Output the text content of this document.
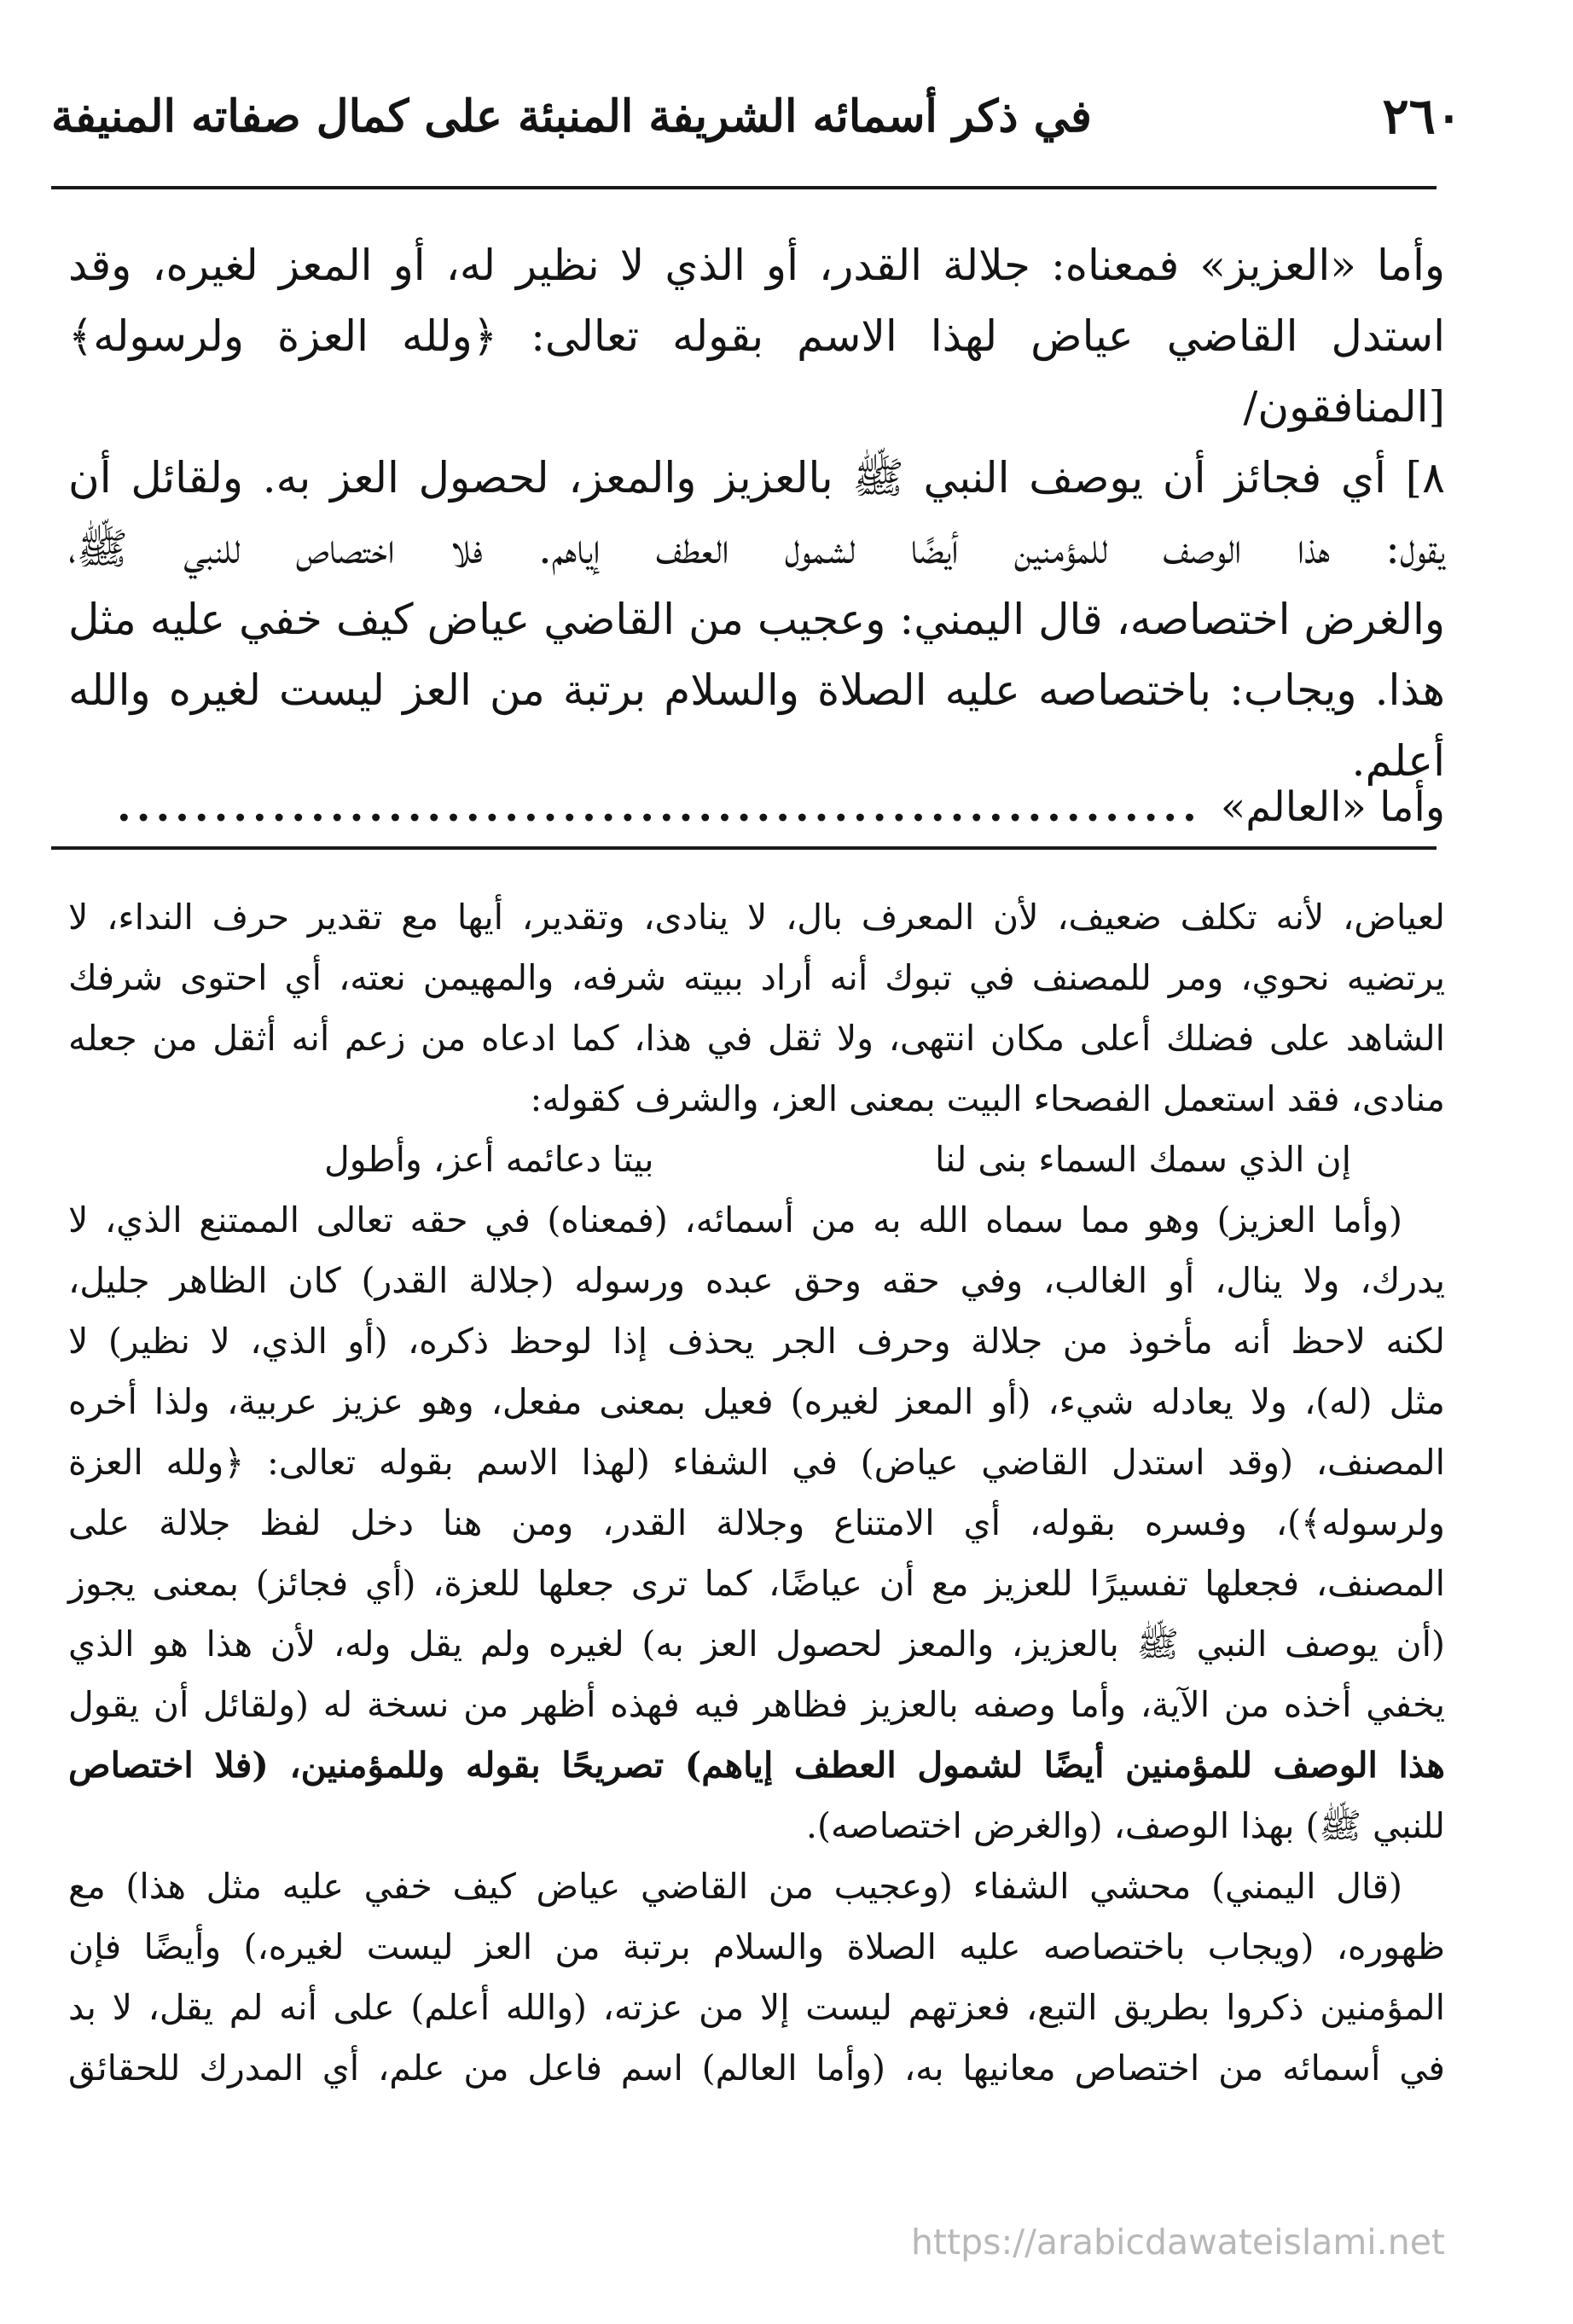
٢٦٠
في ذكر أسمائه الشريفة المنبئة على كمال صفاته المنيفة
وأما «العزيز» فمعناه: جلالة القدر، أو الذي لا نظير له، أو المعز لغيره، وقد
استدل القاضي عياض لهذا الاسم بقوله تعالى: ﴿ولله العزة ولرسوله﴾ [المنافقون/
٨] أي فجائز أن يوصف النبي ﷺ بالعزيز والمعز، لحصول العز به. ولقائل أن
يقول: هذا الوصف للمؤمنين أيضًا لشمول العطف إياهم. فلا اختصاص للنبي ﷺ،
والغرض اختصاصه، قال اليمني: وعجيب من القاضي عياض كيف خفي عليه مثل
هذا. ويجاب: باختصاصه عليه الصلاة والسلام برتبة من العز ليست لغيره والله
أعلم.
وأما «العالم»
........................................................
لعياض، لأنه تكلف ضعيف، لأن المعرف بال، لا ينادى، وتقدير، أيها مع تقدير حرف النداء، لا
يرتضيه نحوي، ومر للمصنف في تبوك أنه أراد ببيته شرفه، والمهيمن نعته، أي احتوى شرفك
الشاهد على فضلك أعلى مكان انتهى، ولا ثقل في هذا، كما ادعاه من زعم أنه أثقل من جعله
منادى، فقد استعمل الفصحاء البيت بمعنى العز، والشرف كقوله:
إن الذي سمك السماء بنى لنا
بيتا دعائمه أعز، وأطول
(وأما العزيز) وهو مما سماه الله به من أسمائه، (فمعناه) في حقه تعالى الممتنع الذي، لا
يدرك، ولا ينال، أو الغالب، وفي حقه وحق عبده ورسوله (جلالة القدر) كان الظاهر جليل،
لكنه لاحظ أنه مأخوذ من جلالة وحرف الجر يحذف إذا لوحظ ذكره، (أو الذي، لا نظير) لا
مثل (له)، ولا يعادله شيء، (أو المعز لغيره) فعيل بمعنى مفعل، وهو عزيز عربية، ولذا أخره
المصنف، (وقد استدل القاضي عياض) في الشفاء (لهذا الاسم بقوله تعالى: ﴿ولله العزة
ولرسوله﴾)، وفسره بقوله، أي الامتناع وجلالة القدر، ومن هنا دخل لفظ جلالة على
المصنف، فجعلها تفسيرًا للعزيز مع أن عياضًا، كما ترى جعلها للعزة، (أي فجائز) بمعنى يجوز
(أن يوصف النبي ﷺ بالعزيز، والمعز لحصول العز به) لغيره ولم يقل وله، لأن هذا هو الذي
يخفي أخذه من الآية، وأما وصفه بالعزيز فظاهر فيه فهذه أظهر من نسخة له (ولقائل أن يقول
هذا الوصف للمؤمنين أيضًا لشمول العطف إياهم) تصريحًا بقوله وللمؤمنين، (فلا اختصاص
للنبي ﷺ) بهذا الوصف، (والغرض اختصاصه).
(قال اليمني) محشي الشفاء (وعجيب من القاضي عياض كيف خفي عليه مثل هذا) مع
ظهوره، (ويجاب باختصاصه عليه الصلاة والسلام برتبة من العز ليست لغيره،) وأيضًا فإن
المؤمنين ذكروا بطريق التبع، فعزتهم ليست إلا من عزته، (والله أعلم) على أنه لم يقل، لا بد
في أسمائه من اختصاص معانيها به، (وأما العالم) اسم فاعل من علم، أي المدرك للحقائق
https://arabicdawateislami.net
